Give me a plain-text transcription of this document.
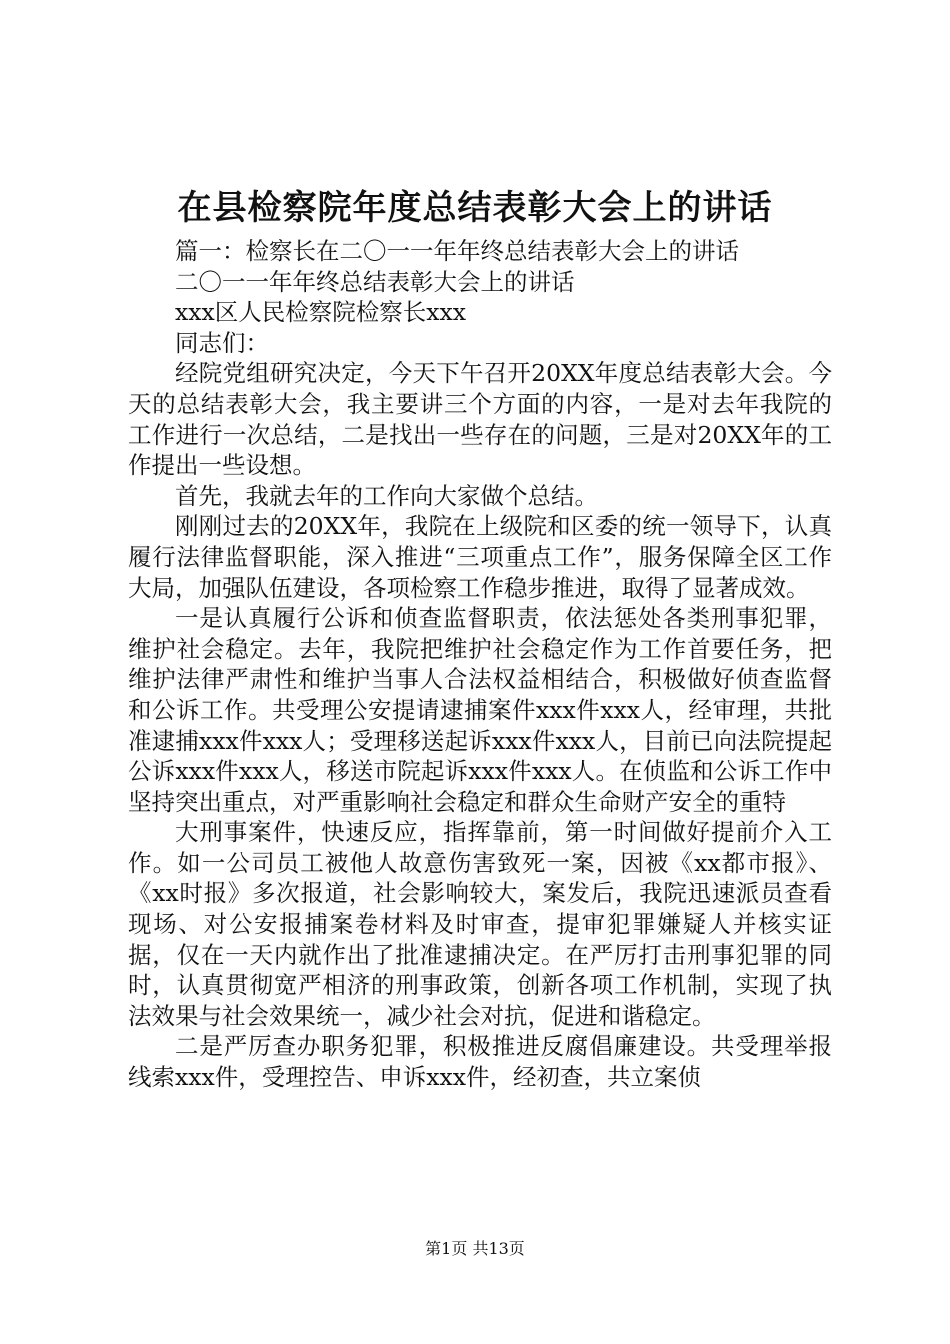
在县检察院年度总结表彰大会上的讲话

篇一：检察长在二〇一一年年终总结表彰大会上的讲话

二〇一一年年终总结表彰大会上的讲话

xxx区人民检察院检察长xxx

同志们：

经院党组研究决定，今天下午召开20XX年度总结表彰大会。今天的总结表彰大会，我主要讲三个方面的内容，一是对去年我院的工作进行一次总结，二是找出一些存在的问题，三是对20XX年的工作提出一些设想。

首先，我就去年的工作向大家做个总结。

刚刚过去的20XX年，我院在上级院和区委的统一领导下，认真履行法律监督职能，深入推进“三项重点工作”，服务保障全区工作大局，加强队伍建设，各项检察工作稳步推进，取得了显著成效。

一是认真履行公诉和侦查监督职责，依法惩处各类刑事犯罪，维护社会稳定。去年，我院把维护社会稳定作为工作首要任务，把维护法律严肃性和维护当事人合法权益相结合，积极做好侦查监督和公诉工作。共受理公安提请逮捕案件xxx件xxx人，经审理，共批准逮捕xxx件xxx人；受理移送起诉xxx件xxx人，目前已向法院提起公诉xxx件xxx人，移送市院起诉xxx件xxx人。在侦监和公诉工作中坚持突出重点，对严重影响社会稳定和群众生命财产安全的重特

大刑事案件，快速反应，指挥靠前，第一时间做好提前介入工作。如一公司员工被他人故意伤害致死一案，因被《xx都市报》、《xx时报》多次报道，社会影响较大，案发后，我院迅速派员查看现场、对公安报捕案卷材料及时审查，提审犯罪嫌疑人并核实证据，仅在一天内就作出了批准逮捕决定。在严厉打击刑事犯罪的同时，认真贯彻宽严相济的刑事政策，创新各项工作机制，实现了执法效果与社会效果统一，减少社会对抗，促进和谐稳定。

二是严厉查办职务犯罪，积极推进反腐倡廉建设。共受理举报线索xxx件，受理控告、申诉xxx件，经初查，共立案侦

第1页 共13页
